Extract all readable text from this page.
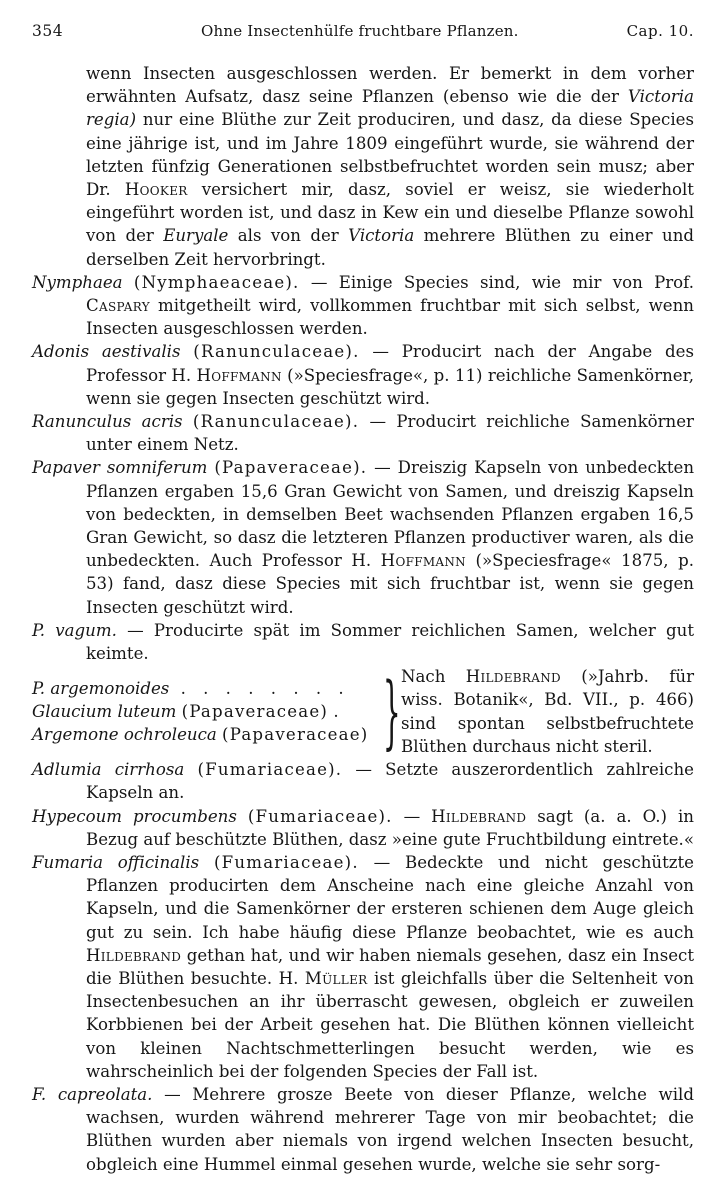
354	Ohne Insectenhülfe fruchtbare Pflanzen.	Cap. 10.

wenn Insecten ausgeschlossen werden. Er bemerkt in dem vorher erwähnten Aufsatz, dasz seine Pflanzen (ebenso wie die der Victoria regia) nur eine Blüthe zur Zeit produciren, und dasz, da diese Species eine jährige ist, und im Jahre 1809 eingeführt wurde, sie während der letzten fünfzig Generationen selbstbefruchtet worden sein musz; aber Dr. Hooker versichert mir, dasz, soviel er weisz, sie wiederholt eingeführt worden ist, und dasz in Kew ein und dieselbe Pflanze sowohl von der Euryale als von der Victoria mehrere Blüthen zu einer und derselben Zeit hervorbringt.

Nymphaea (Nymphaeaceae). — Einige Species sind, wie mir von Prof. Caspary mitgetheilt wird, vollkommen fruchtbar mit sich selbst, wenn Insecten ausgeschlossen werden.
Adonis aestivalis (Ranunculaceae). — Producirt nach der Angabe des Professor H. Hoffmann (»Speciesfrage«, p. 11) reichliche Samenkörner, wenn sie gegen Insecten geschützt wird.
Ranunculus acris (Ranunculaceae). — Producirt reichliche Samenkörner unter einem Netz.
Papaver somniferum (Papaveraceae). — Dreiszig Kapseln von unbedeckten Pflanzen ergaben 15,6 Gran Gewicht von Samen, und dreiszig Kapseln von bedeckten, in demselben Beet wachsenden Pflanzen ergaben 16,5 Gran Gewicht, so dasz die letzteren Pflanzen productiver waren, als die unbedeckten. Auch Professor H. Hoffmann (»Speciesfrage« 1875, p. 53) fand, dasz diese Species mit sich fruchtbar ist, wenn sie gegen Insecten geschützt wird.
P. vagum. — Producirte spät im Sommer reichlichen Samen, welcher gut keimte.
P. argemonoides . . . . . . . .
Glaucium luteum (Papaveraceae) .
Argemone ochroleuca (Papaveraceae) } Nach Hildebrand (»Jahrb. für wiss. Botanik«, Bd. VII., p. 466) sind spontan selbstbefruchtete Blüthen durchaus nicht steril.
Adlumia cirrhosa (Fumariaceae). — Setzte auszerordentlich zahlreiche Kapseln an.
Hypecoum procumbens (Fumariaceae). — Hildebrand sagt (a. a. O.) in Bezug auf beschützte Blüthen, dasz »eine gute Fruchtbildung eintrete.«
Fumaria officinalis (Fumariaceae). — Bedeckte und nicht geschützte Pflanzen producirten dem Anscheine nach eine gleiche Anzahl von Kapseln, und die Samenkörner der ersteren schienen dem Auge gleich gut zu sein. Ich habe häufig diese Pflanze beobachtet, wie es auch Hildebrand gethan hat, und wir haben niemals gesehen, dasz ein Insect die Blüthen besuchte. H. Müller ist gleichfalls über die Seltenheit von Insectenbesuchen an ihr überrascht gewesen, obgleich er zuweilen Korbbienen bei der Arbeit gesehen hat. Die Blüthen können vielleicht von kleinen Nachtschmetterlingen besucht werden, wie es wahrscheinlich bei der folgenden Species der Fall ist.
F. capreolata. — Mehrere grosze Beete von dieser Pflanze, welche wild wachsen, wurden während mehrerer Tage von mir beobachtet; die Blüthen wurden aber niemals von irgend welchen Insecten besucht, obgleich eine Hummel einmal gesehen wurde, welche sie sehr sorg-
